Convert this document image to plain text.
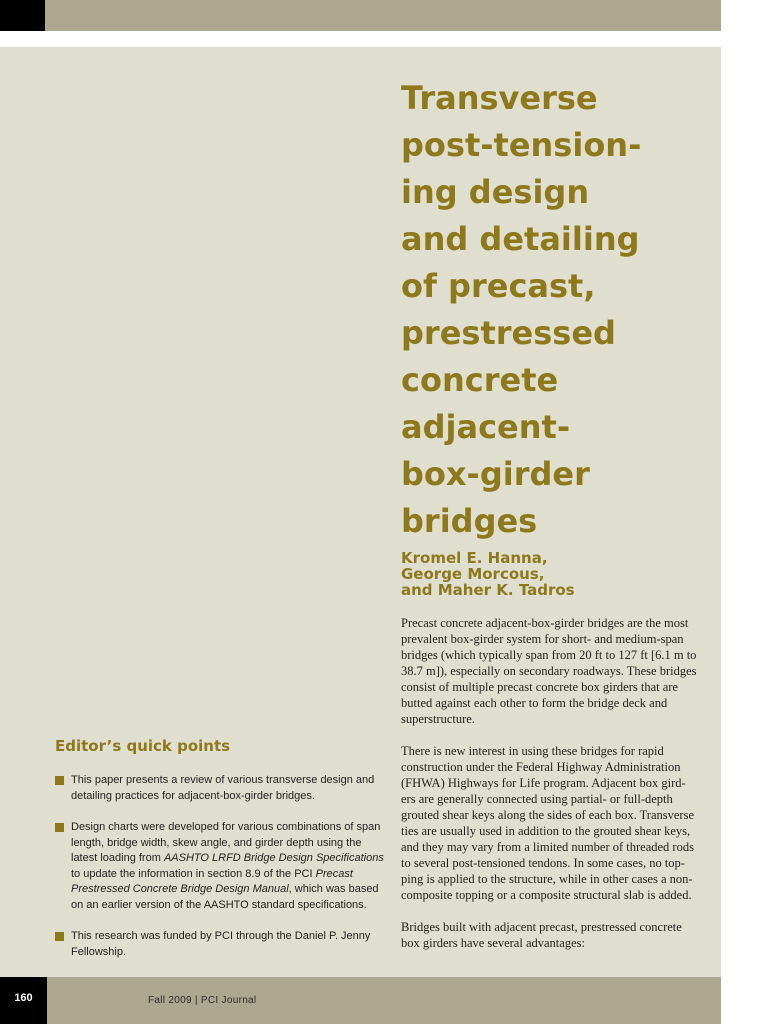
Transverse
post-tension-
ing design
and detailing
of precast,
prestressed
concrete
adjacent-
box-girder
bridges
Kromel E. Hanna,
George Morcous,
and Maher K. Tadros
Precast concrete adjacent-box-girder bridges are the most
prevalent box-girder system for short- and medium-span
bridges (which typically span from 20 ft to 127 ft [6.1 m to
38.7 m]), especially on secondary roadways. These bridges
consist of multiple precast concrete box girders that are
butted against each other to form the bridge deck and
superstructure.
There is new interest in using these bridges for rapid
construction under the Federal Highway Administration
(FHWA) Highways for Life program. Adjacent box gird-
ers are generally connected using partial- or full-depth
grouted shear keys along the sides of each box. Transverse
ties are usually used in addition to the grouted shear keys,
and they may vary from a limited number of threaded rods
to several post-tensioned tendons. In some cases, no top-
ping is applied to the structure, while in other cases a non-
composite topping or a composite structural slab is added.
Bridges built with adjacent precast, prestressed concrete
box girders have several advantages:
Editor’s quick points
This paper presents a review of various transverse design and
detailing practices for adjacent-box-girder bridges.
Design charts were developed for various combinations of span
length, bridge width, skew angle, and girder depth using the
latest loading from AASHTO LRFD Bridge Design Specifications
to update the information in section 8.9 of the PCI Precast
Prestressed Concrete Bridge Design Manual, which was based
on an earlier version of the AASHTO standard specifications.
This research was funded by PCI through the Daniel P. Jenny
Fellowship.
160	Fall 2009 | PCI Journal
